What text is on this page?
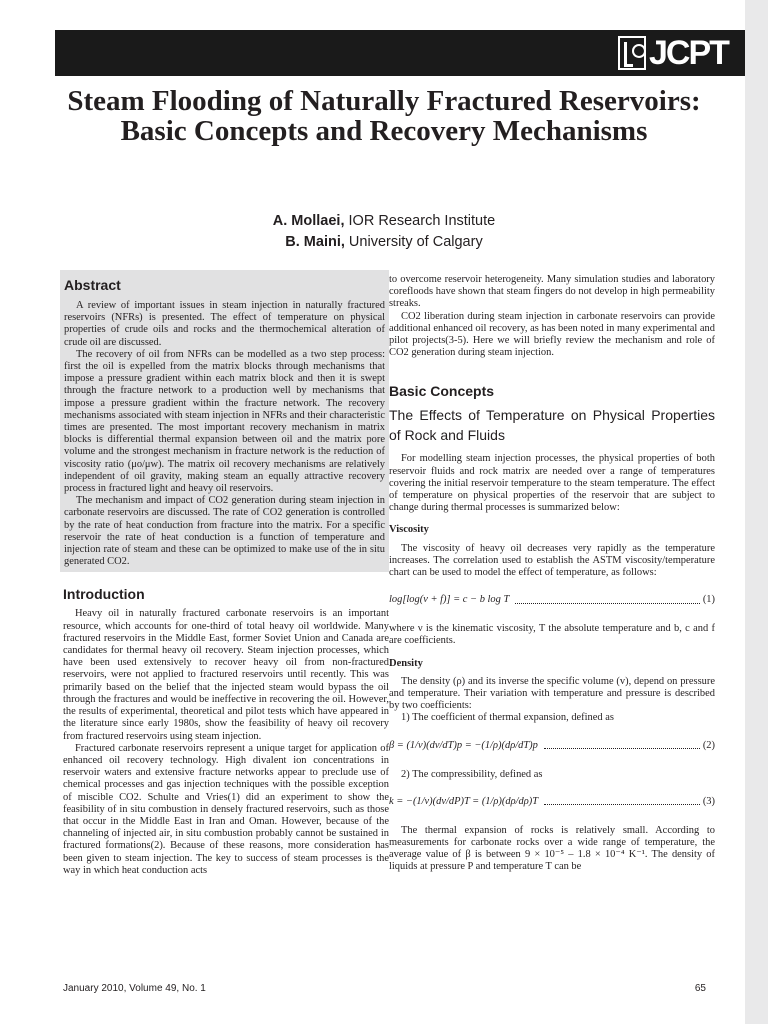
JCPT
Steam Flooding of Naturally Fractured Reservoirs: Basic Concepts and Recovery Mechanisms
A. Mollaei, IOR Research Institute
B. Maini, University of Calgary
Abstract

A review of important issues in steam injection in naturally fractured reservoirs (NFRs) is presented. The effect of temperature on physical properties of crude oils and rocks and the thermochemical alteration of crude oil are discussed.

The recovery of oil from NFRs can be modelled as a two step process: first the oil is expelled from the matrix blocks through mechanisms that impose a pressure gradient within each matrix block and then it is swept through the fracture network to a production well by mechanisms that impose a pressure gradient within the fracture network. The recovery mechanisms associated with steam injection in NFRs and their characteristic times are presented. The most important recovery mechanism in matrix blocks is differential thermal expansion between oil and the matrix pore volume and the strongest mechanism in fracture network is the reduction of viscosity ratio (μo/μw). The matrix oil recovery mechanisms are relatively independent of oil gravity, making steam an equally attractive recovery process in fractured light and heavy oil reservoirs.

The mechanism and impact of CO2 generation during steam injection in carbonate reservoirs are discussed. The rate of CO2 generation is controlled by the rate of heat conduction from fracture into the matrix. For a specific reservoir the rate of heat conduction is a function of temperature and injection rate of steam and these can be optimized to make use of the in situ generated CO2.

Introduction

Heavy oil in naturally fractured carbonate reservoirs is an important resource, which accounts for one-third of total heavy oil worldwide. Many fractured reservoirs in the Middle East, former Soviet Union and Canada are candidates for thermal heavy oil recovery. Steam injection processes, which have been used extensively to recover heavy oil from non-fractured reservoirs, were not applied to fractured reservoirs until recently. This was primarily based on the belief that the injected steam would bypass the oil through the fractures and would be ineffective in recovering the oil. However, the results of experimental, theoretical and pilot tests which have appeared in the literature since early 1980s, show the feasibility of heavy oil recovery from fractured reservoirs using steam injection.

Fractured carbonate reservoirs represent a unique target for application of enhanced oil recovery technology. High divalent ion concentrations in reservoir waters and extensive fracture networks appear to preclude use of chemical processes and gas injection techniques with the possible exception of miscible CO2. Schulte and Vries(1) did an experiment to show the feasibility of in situ combustion in densely fractured reservoirs, such as those that occur in the Middle East in Iran and Oman. However, because of the channeling of injected air, in situ combustion probably cannot be sustained in fractured formations(2). Because of these reasons, more consideration has been given to steam injection. The key to success of steam processes is the way in which heat conduction acts

to overcome reservoir heterogeneity. Many simulation studies and laboratory corefloods have shown that steam fingers do not develop in high permeability streaks.

CO2 liberation during steam injection in carbonate reservoirs can provide additional enhanced oil recovery, as has been noted in many experimental and pilot projects(3-5). Here we will briefly review the mechanism and role of CO2 generation during steam injection.

Basic Concepts
The Effects of Temperature on Physical Properties of Rock and Fluids

For modelling steam injection processes, the physical properties of both reservoir fluids and rock matrix are needed over a range of temperatures covering the initial reservoir temperature to the steam temperature. The effect of temperature on physical properties of the reservoir that are subject to change during thermal processes is summarized below:

Viscosity

The viscosity of heavy oil decreases very rapidly as the temperature increases. The correlation used to establish the ASTM viscosity/temperature chart can be used to model the effect of temperature, as follows:

log[log(ν + f)] = c − b log T	(1)

where ν is the kinematic viscosity, T the absolute temperature and b, c and f are coefficients.

Density

The density (ρ) and its inverse the specific volume (v), depend on pressure and temperature. Their variation with temperature and pressure is described by two coefficients:

1) The coefficient of thermal expansion, defined as

β = (1/v)(dv/dT)p = −(1/ρ)(dρ/dT)p	(2)

2) The compressibility, defined as

k = −(1/v)(dv/dP)T = (1/ρ)(dρ/dρ)T	(3)

The thermal expansion of rocks is relatively small. According to measurements for carbonate rocks over a wide range of temperature, the average value of β is between 9 × 10⁻⁵ – 1.8 × 10⁻⁴ K⁻¹. The density of liquids at pressure P and temperature T can be

January 2010, Volume 49, No. 1	65
